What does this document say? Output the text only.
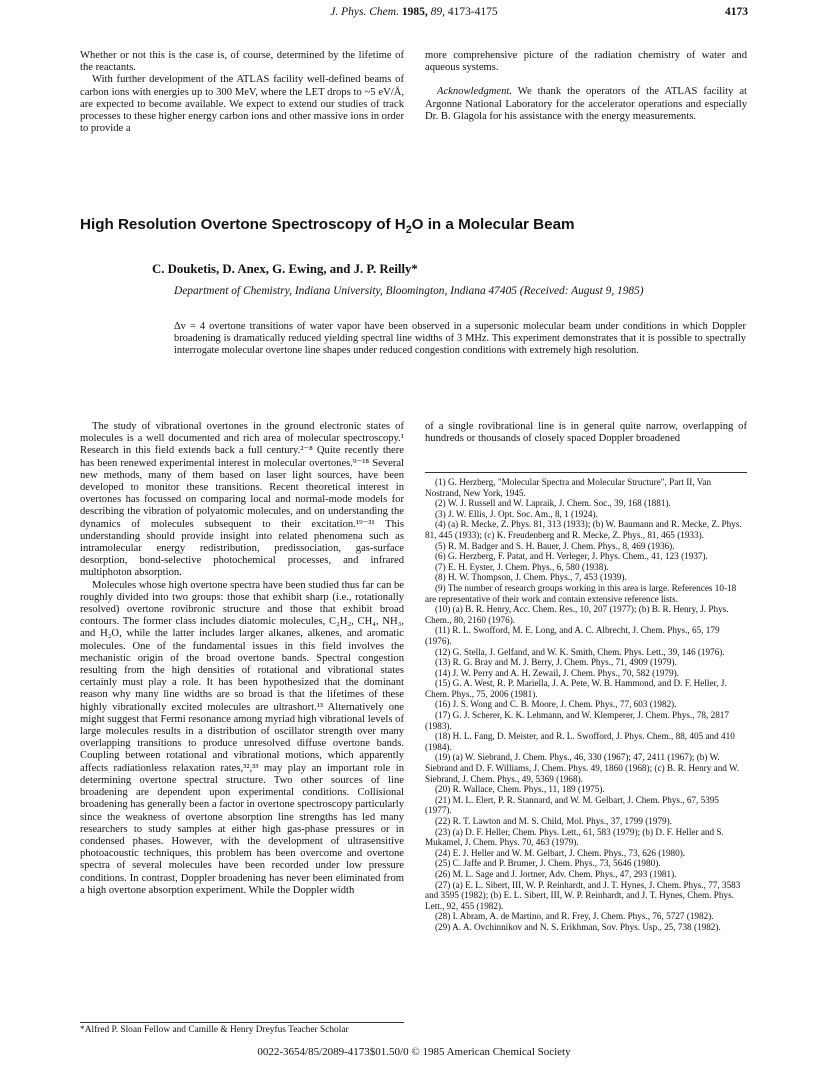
J. Phys. Chem. 1985, 89, 4173-4175	4173

Whether or not this is the case is, of course, determined by the lifetime of the reactants.

With further development of the ATLAS facility well-defined beams of carbon ions with energies up to 300 MeV, where the LET drops to ~5 eV/Å, are expected to become available. We expect to extend our studies of track processes to these higher energy carbon ions and other massive ions in order to provide a

more comprehensive picture of the radiation chemistry of water and aqueous systems.

Acknowledgment. We thank the operators of the ATLAS facility at Argonne National Laboratory for the accelerator operations and especially Dr. B. Glagola for his assistance with the energy measurements.

High Resolution Overtone Spectroscopy of $H_2O$ in a Molecular Beam
C. Douketis, D. Anex, G. Ewing, and J. P. Reilly*
Department of Chemistry, Indiana University, Bloomington, Indiana 47405 (Received: August 9, 1985)
Δv = 4 overtone transitions of water vapor have been observed in a supersonic molecular beam under conditions in which Doppler broadening is dramatically reduced yielding spectral line widths of 3 MHz. This experiment demonstrates that it is possible to spectrally interrogate molecular overtone line shapes under reduced congestion conditions with extremely high resolution.

The study of vibrational overtones in the ground electronic states of molecules is a well documented and rich area of molecular spectroscopy.¹ Research in this field extends back a full century.²⁻⁸ Quite recently there has been renewed experimental interest in molecular overtones.⁹⁻¹⁸ Several new methods, many of them based on laser light sources, have been developed to monitor these transitions. Recent theoretical interest in overtones has focussed on comparing local and normal-mode models for describing the vibration of polyatomic molecules, and on understanding the dynamics of molecules subsequent to their excitation.¹⁹⁻³¹ This understanding should provide insight into related phenomena such as intramolecular energy redistribution, predissociation, gas-surface desorption, bond-selective photochemical processes, and infrared multiphoton absorption.

Molecules whose high overtone spectra have been studied thus far can be roughly divided into two groups: those that exhibit sharp (i.e., rotationally resolved) overtone rovibronic structure and those that exhibit broad contours. The former class includes diatomic molecules, C₂H₂, CH₄, NH₃, and H₂O, while the latter includes larger alkanes, alkenes, and aromatic molecules. One of the fundamental issues in this field involves the mechanistic origin of the broad overtone bands. Spectral congestion resulting from the high densities of rotational and vibrational states certainly must play a role. It has been hypothesized that the dominant reason why many line widths are so broad is that the lifetimes of these highly vibrationally excited molecules are ultrashort.¹³ Alternatively one might suggest that Fermi resonance among myriad high vibrational levels of large molecules results in a distribution of oscillator strength over many overlapping transitions to produce unresolved diffuse overtone bands. Coupling between rotational and vibrational motions, which apparently affects radiationless relaxation rates,³²,³³ may play an important role in determining overtone spectral structure. Two other sources of line broadening are dependent upon experimental conditions. Collisional broadening has generally been a factor in overtone spectroscopy particularly since the weakness of overtone absorption line strengths has led many researchers to study samples at either high gas-phase pressures or in condensed phases. However, with the development of ultrasensitive photoacoustic techniques, this problem has been overcome and overtone spectra of several molecules have been recorded under low pressure conditions. In contrast, Doppler broadening has never been eliminated from a high overtone absorption experiment. While the Doppler width

of a single rovibrational line is in general quite narrow, overlapping of hundreds or thousands of closely spaced Doppler broadened

(1) G. Herzberg, "Molecular Spectra and Molecular Structure", Part II, Van Nostrand, New York, 1945.
(2) W. J. Russell and W. Lapraik, J. Chem. Soc., 39, 168 (1881).
(3) J. W. Ellis, J. Opt. Soc. Am., 8, 1 (1924).
(4) (a) R. Mecke, Z. Phys. 81, 313 (1933); (b) W. Baumann and R. Mecke, Z. Phys. 81, 445 (1933); (c) K. Freudenberg and R. Mecke, Z. Phys., 81, 465 (1933).
(5) R. M. Badger and S. H. Bauer, J. Chem. Phys., 8, 469 (1936).
(6) G. Herzberg, F. Patat, and H. Verleger, J. Phys. Chem., 41, 123 (1937).
(7) E. H. Eyster, J. Chem. Phys., 6, 580 (1938).
(8) H. W. Thompson, J. Chem. Phys., 7, 453 (1939).
(9) The number of research groups working in this area is large. References 10-18 are representative of their work and contain extensive reference lists.
(10) (a) B. R. Henry, Acc. Chem. Res., 10, 207 (1977); (b) B. R. Henry, J. Phys. Chem., 80, 2160 (1976).
(11) R. L. Swofford, M. E. Long, and A. C. Albrecht, J. Chem. Phys., 65, 179 (1976).
(12) G. Stella, J. Gelfand, and W. K. Smith, Chem. Phys. Lett., 39, 146 (1976).
(13) R. G. Bray and M. J. Berry, J. Chem. Phys., 71, 4909 (1979).
(14) J. W. Perry and A. H. Zewail, J. Chem. Phys., 70, 582 (1979).
(15) G. A. West, R. P. Mariella, J. A. Pete, W. B. Hammond, and D. F. Heller, J. Chem. Phys., 75, 2006 (1981).
(16) J. S. Wong and C. B. Moore, J. Chem. Phys., 77, 603 (1982).
(17) G. J. Scherer, K. K. Lehmann, and W. Klemperer, J. Chem. Phys., 78, 2817 (1983).
(18) H. L. Fang, D. Meister, and R. L. Swofford, J. Phys. Chem., 88, 405 and 410 (1984).
(19) (a) W. Siebrand, J. Chem. Phys., 46, 330 (1967); 47, 2411 (1967); (b) W. Siebrand and D. F. Williams, J. Chem. Phys. 49, 1860 (1968); (c) B. R. Henry and W. Siebrand, J. Chem. Phys., 49, 5369 (1968).
(20) R. Wallace, Chem. Phys., 11, 189 (1975).
(21) M. L. Elert, P. R. Stannard, and W. M. Gelbart, J. Chem. Phys., 67, 5395 (1977).
(22) R. T. Lawton and M. S. Child, Mol. Phys., 37, 1799 (1979).
(23) (a) D. F. Heller, Chem. Phys. Lett., 61, 583 (1979); (b) D. F. Heller and S. Mukamel, J. Chem. Phys. 70, 463 (1979).
(24) E. J. Heller and W. M. Gelbart, J. Chem. Phys., 73, 626 (1980).
(25) C. Jaffe and P. Brumer, J. Chem. Phys., 73, 5646 (1980).
(26) M. L. Sage and J. Jortner, Adv. Chem. Phys., 47, 293 (1981).
(27) (a) E. L. Sibert, III, W. P. Reinhardt, and J. T. Hynes, J. Chem. Phys., 77, 3583 and 3595 (1982); (b) E. L. Sibert, III, W. P. Reinhardt, and J. T. Hynes, Chem. Phys. Lett., 92, 455 (1982).
(28) I. Abram, A. de Martino, and R. Frey, J. Chem. Phys., 76, 5727 (1982).
(29) A. A. Ovchinnikov and N. S. Erikhman, Sov. Phys. Usp., 25, 738 (1982).
*Alfred P. Sloan Fellow and Camille & Henry Dreyfus Teacher Scholar
0022-3654/85/2089-4173$01.50/0 © 1985 American Chemical Society
